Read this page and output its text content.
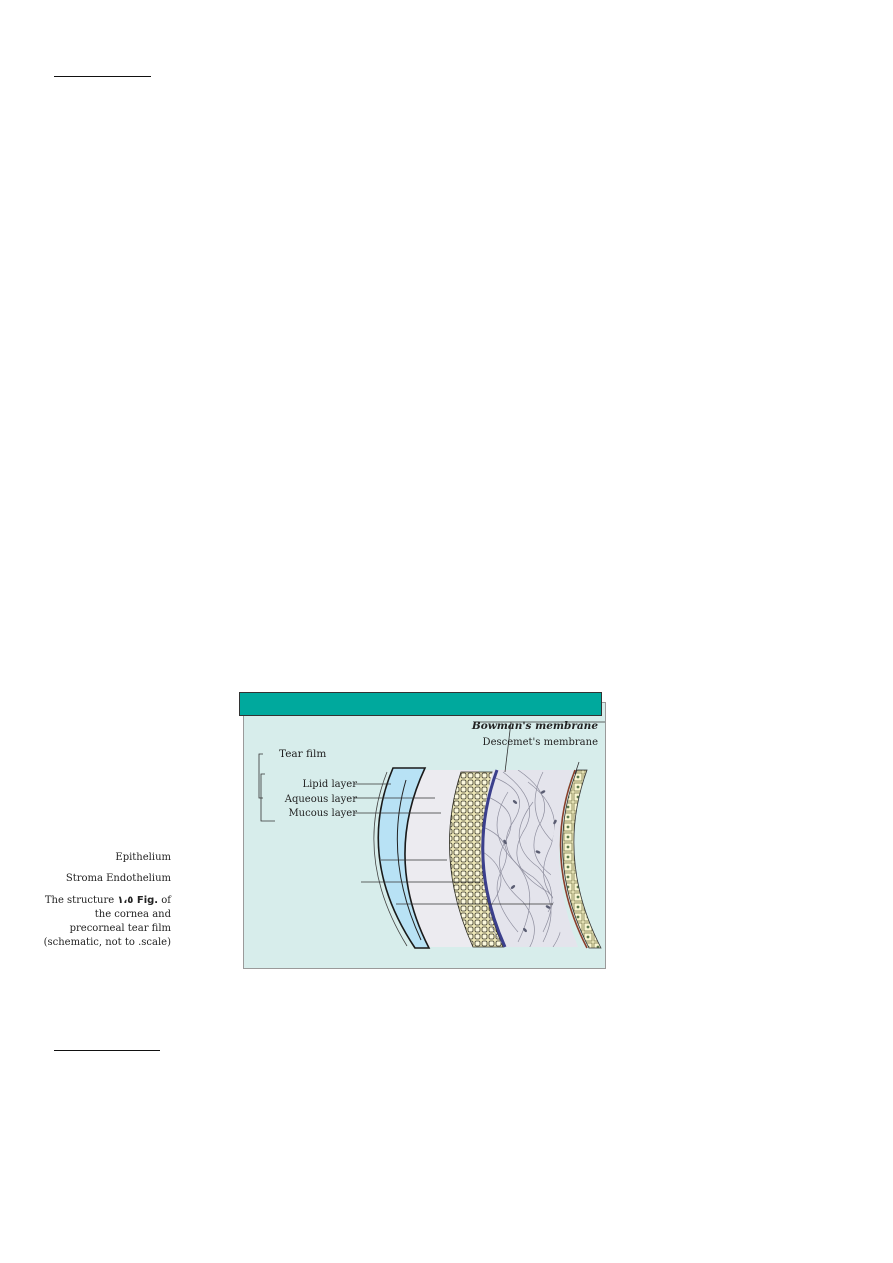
Epithelium
Stroma Endothelium
The structure ١،٥ Fig. of the cornea and precorneal tear film (schematic, not to .scale)
Bowman's membrane
Descemet's membrane
Tear film
Lipid layer
Aqueous layer
Mucous layer
